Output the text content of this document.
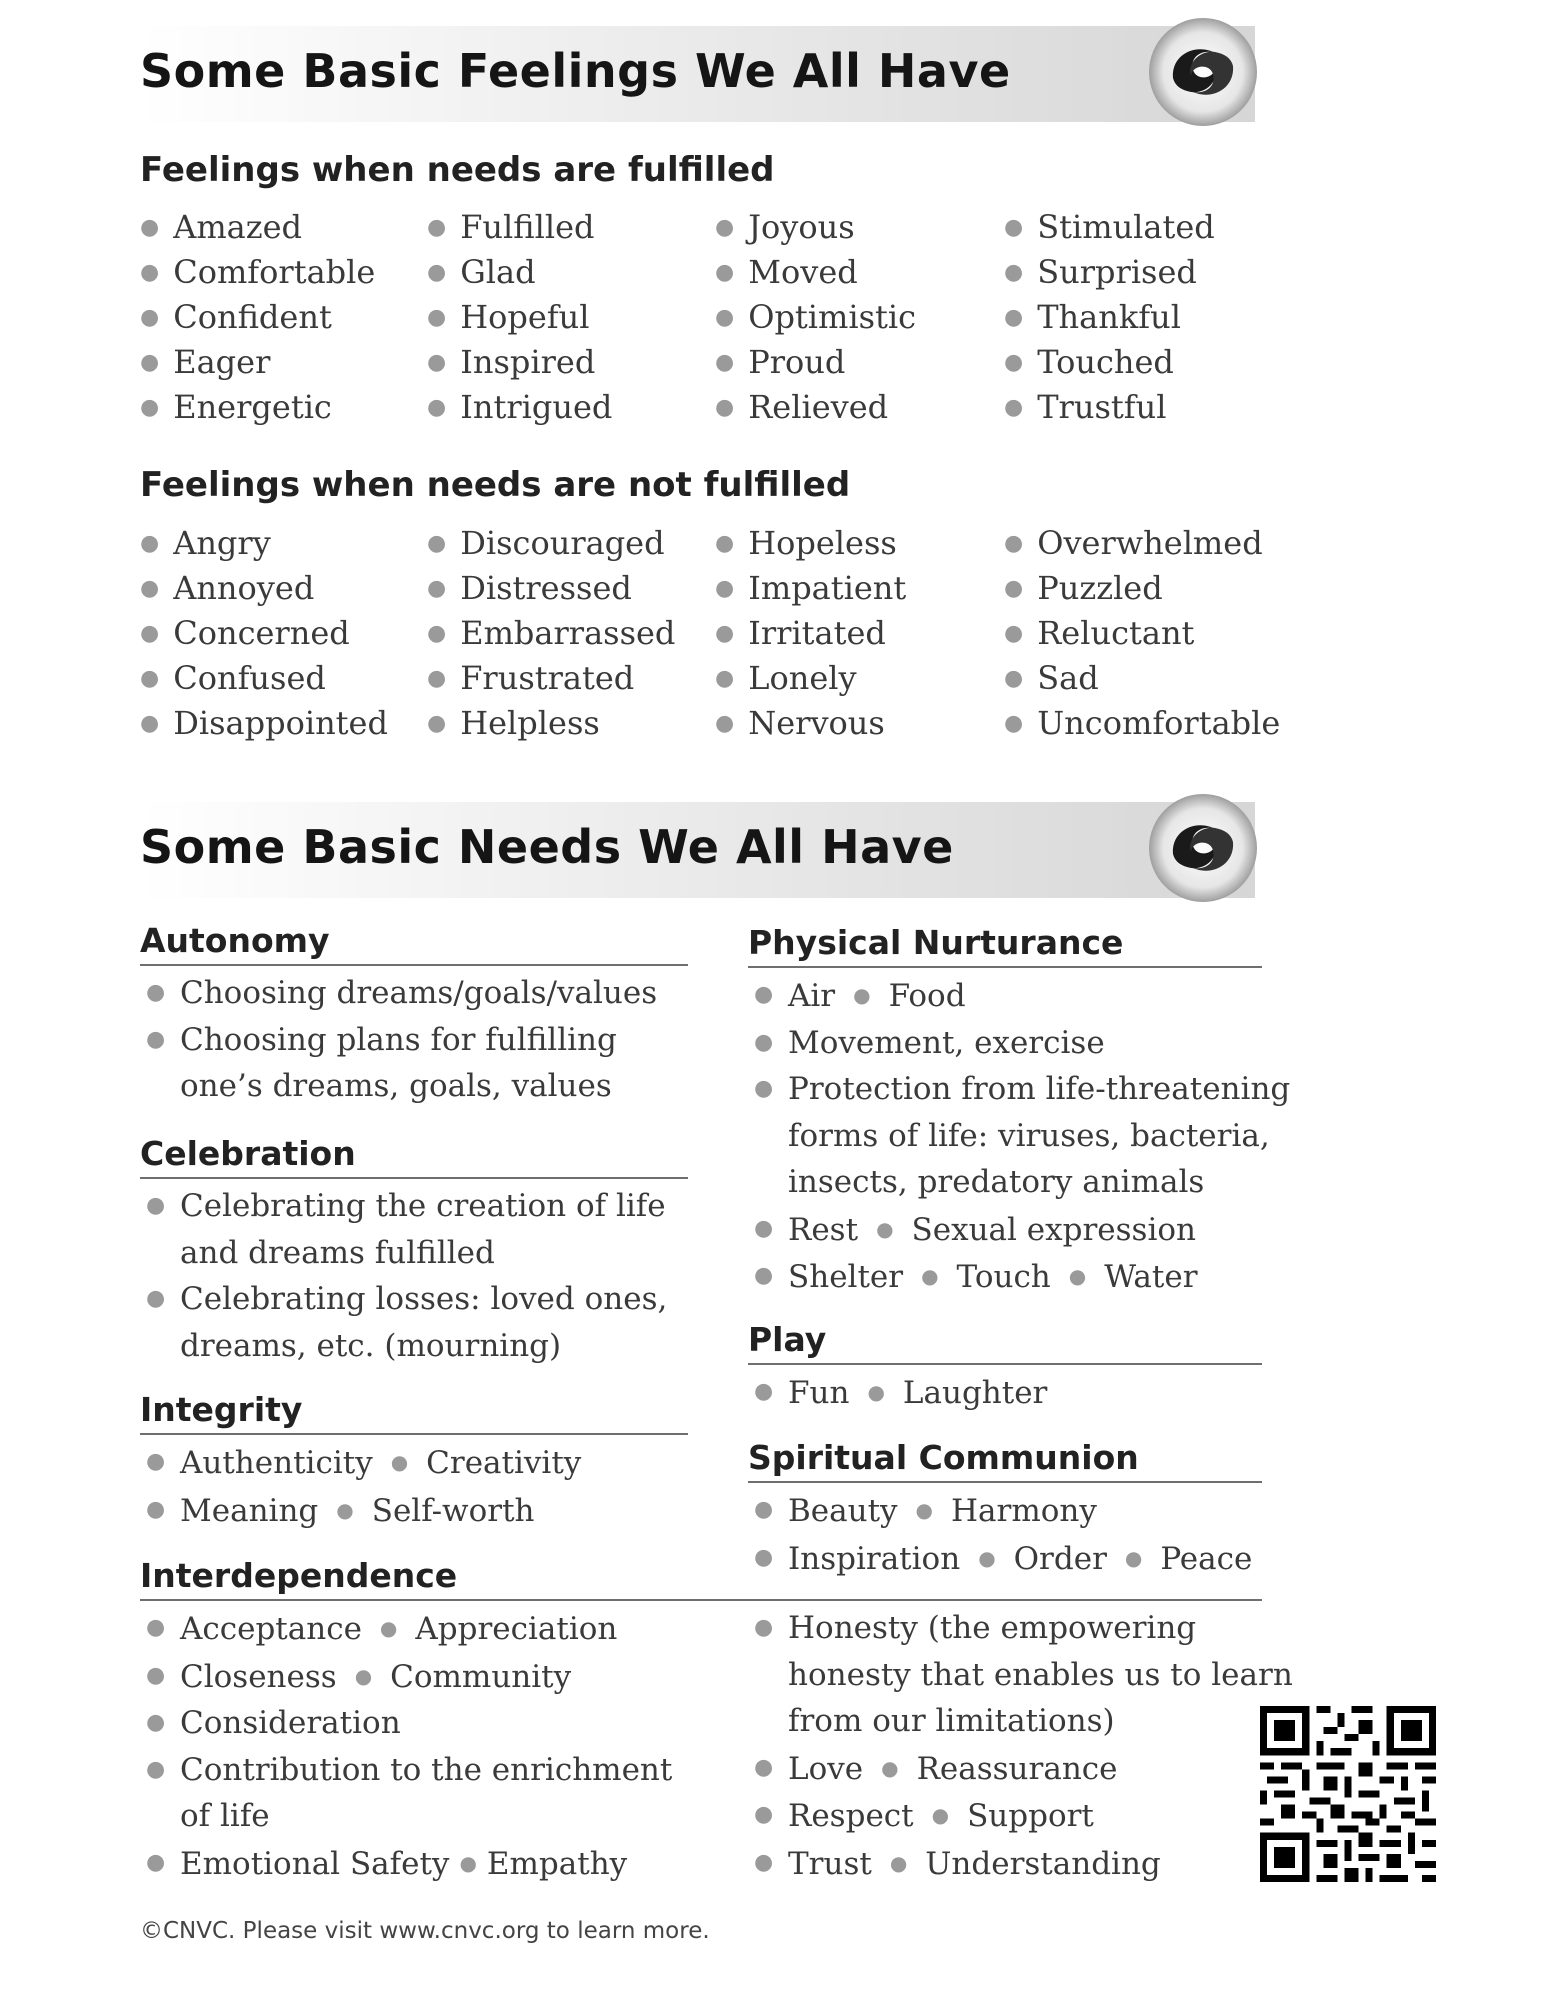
Some Basic Feelings We All Have
Feelings when needs are fulfilled
● Amazed
● Comfortable
● Confident
● Eager
● Energetic
● Fulfilled
● Glad
● Hopeful
● Inspired
● Intrigued
● Joyous
● Moved
● Optimistic
● Proud
● Relieved
● Stimulated
● Surprised
● Thankful
● Touched
● Trustful
Feelings when needs are not fulfilled
● Angry
● Annoyed
● Concerned
● Confused
● Disappointed
● Discouraged
● Distressed
● Embarrassed
● Frustrated
● Helpless
● Hopeless
● Impatient
● Irritated
● Lonely
● Nervous
● Overwhelmed
● Puzzled
● Reluctant
● Sad
● Uncomfortable
Some Basic Needs We All Have
Autonomy
● Choosing dreams/goals/values
● Choosing plans for fulfilling
one’s dreams, goals, values
Celebration
● Celebrating the creation of life
and dreams fulfilled
● Celebrating losses: loved ones,
dreams, etc. (mourning)
Integrity
● Authenticity ● Creativity
● Meaning ● Self-worth
Interdependence
● Acceptance ● Appreciation
● Closeness ● Community
● Consideration
● Contribution to the enrichment
of life
● Emotional Safety ● Empathy
● Honesty (the empowering
honesty that enables us to learn
from our limitations)
● Love ● Reassurance
● Respect ● Support
● Trust ● Understanding
Physical Nurturance
● Air ● Food
● Movement, exercise
● Protection from life-threatening
forms of life: viruses, bacteria,
insects, predatory animals
● Rest ● Sexual expression
● Shelter ● Touch ● Water
Play
● Fun ● Laughter
Spiritual Communion
● Beauty ● Harmony
● Inspiration ● Order ● Peace
©CNVC. Please visit www.cnvc.org to learn more.
